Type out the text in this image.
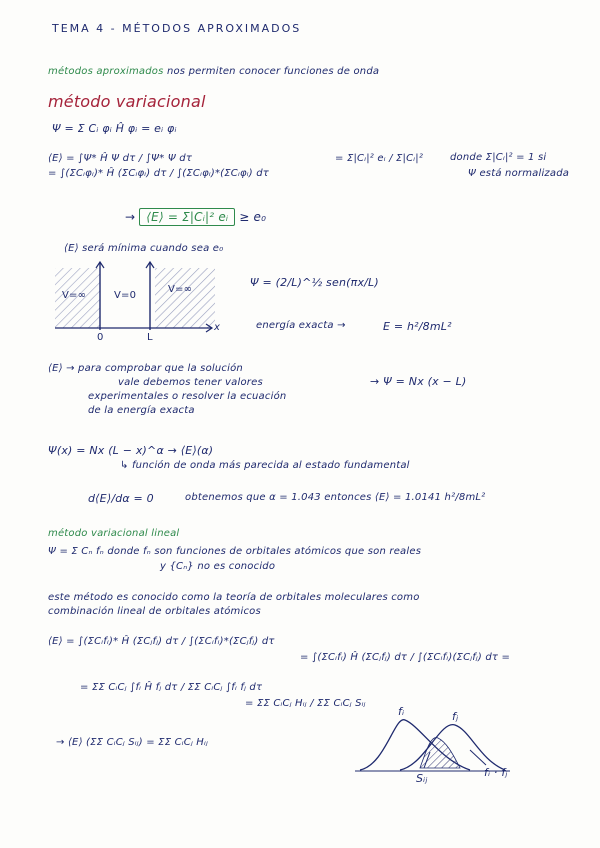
TEMA 4 - MÉTODOS APROXIMADOS
métodos aproximados nos permiten conocer funciones de onda
método variacional
Ψ = Σ Cᵢ φᵢ Ĥ φᵢ = eᵢ φᵢ
⟨E⟩ = ∫Ψ* Ĥ Ψ dτ / ∫Ψ* Ψ dτ
= ∫(ΣCᵢφᵢ)* Ĥ (ΣCᵢφᵢ) dτ / ∫(ΣCᵢφᵢ)*(ΣCᵢφᵢ) dτ
= Σ|Cᵢ|² eᵢ / Σ|Cᵢ|²	donde Σ|Cᵢ|² = 1 si
Ψ está normalizada
→ ⟨E⟩ = Σ|Cᵢ|² eᵢ ≥ e₀
⟨E⟩ será mínima cuando sea e₀
V=∞	V=0
V=∞
0	L
x
Ψ = (2/L)^½ sen(πx/L)
energía exacta →	E = h²/8mL²
⟨E⟩ → para comprobar que la solución
vale debemos tener valores
experimentales o resolver la ecuación
de la energía exacta
→ Ψ = Nx (x − L)
Ψ(x) = Nx (L − x)^α → ⟨E⟩(α)
↳ función de onda más parecida al estado fundamental
d⟨E⟩/dα = 0	obtenemos que α = 1.043 entonces ⟨E⟩ = 1.0141 h²/8mL²
método variacional lineal
Ψ = Σ Cₙ fₙ donde fₙ son funciones de orbitales atómicos que son reales
y {Cₙ} no es conocido
este método es conocido como la teoría de orbitales moleculares como
combinación lineal de orbitales atómicos
⟨E⟩ = ∫(ΣCᵢfᵢ)* Ĥ (ΣCⱼfⱼ) dτ / ∫(ΣCᵢfᵢ)*(ΣCⱼfⱼ) dτ
= ∫(ΣCᵢfᵢ) Ĥ (ΣCⱼfⱼ) dτ / ∫(ΣCᵢfᵢ)(ΣCⱼfⱼ) dτ =
= ΣΣ CᵢCⱼ ∫fᵢ Ĥ fⱼ dτ / ΣΣ CᵢCⱼ ∫fᵢ fⱼ dτ
= ΣΣ CᵢCⱼ Hᵢⱼ / ΣΣ CᵢCⱼ Sᵢⱼ
→ ⟨E⟩ (ΣΣ CᵢCⱼ Sᵢⱼ) = ΣΣ CᵢCⱼ Hᵢⱼ
fᵢ	fⱼ
Sᵢⱼ	fᵢ · fⱼ
